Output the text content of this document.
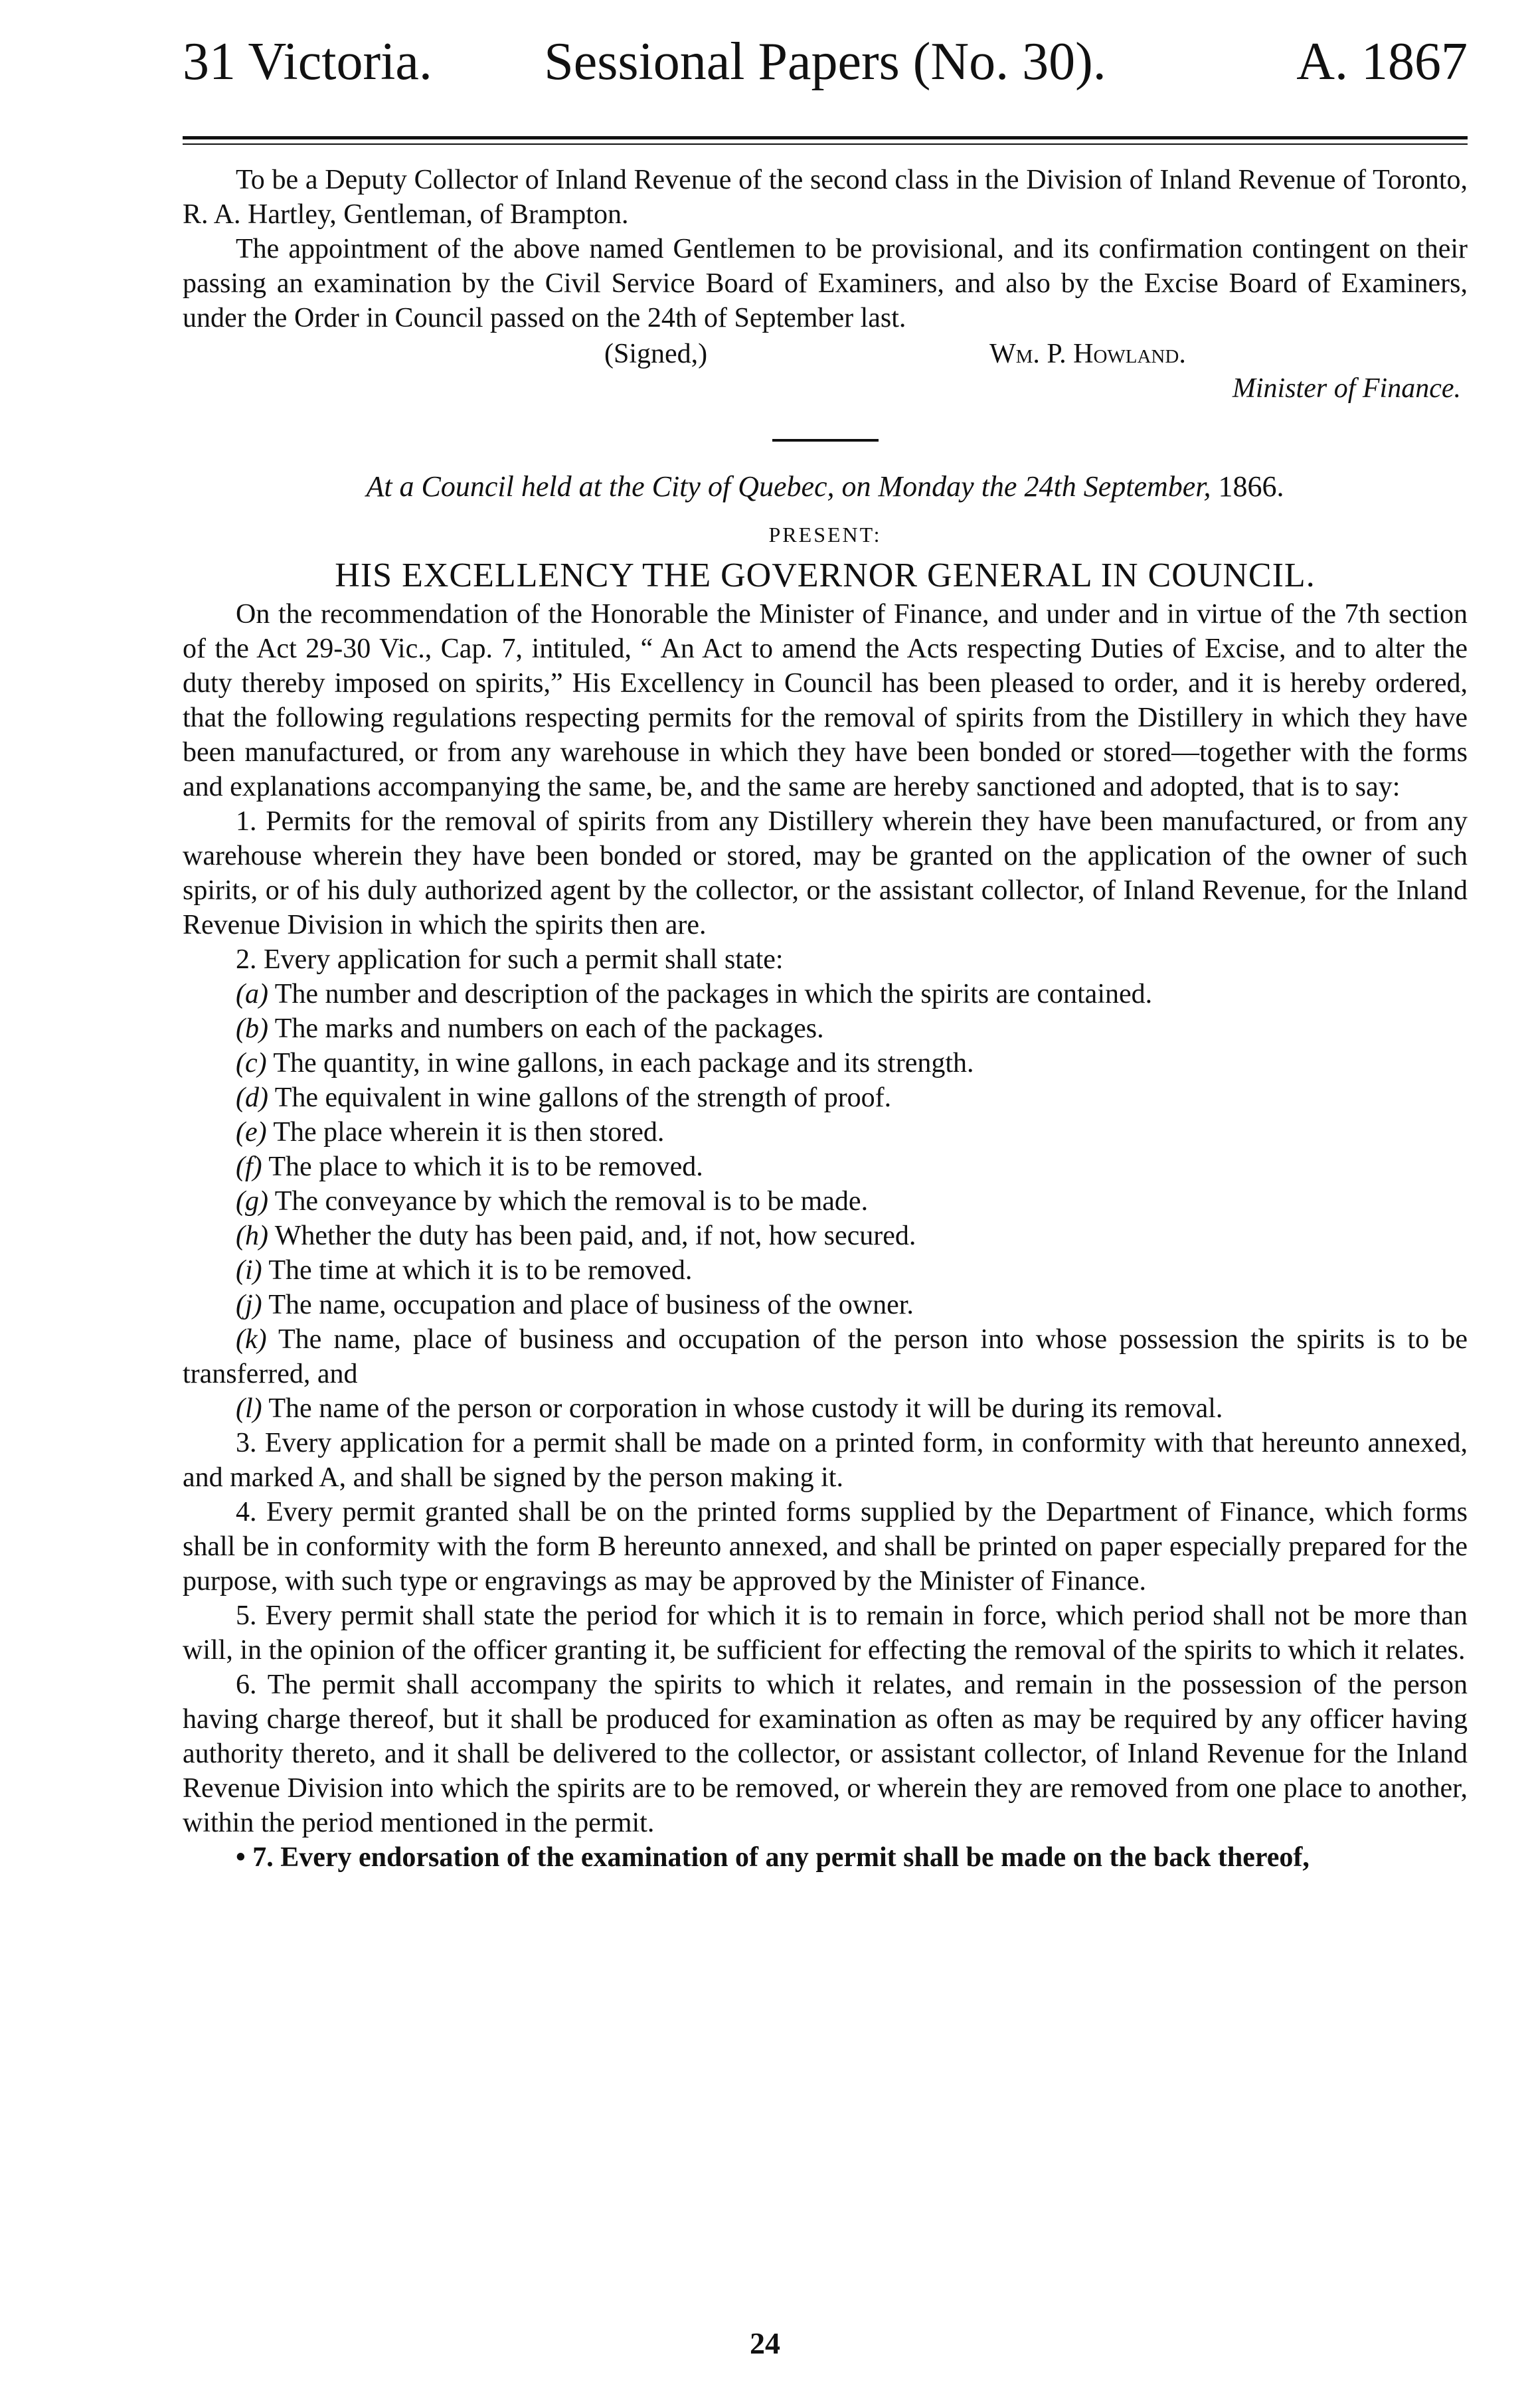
31 Victoria.	Sessional Papers (No. 30).	A. 1867

To be a Deputy Collector of Inland Revenue of the second class in the Division of Inland Revenue of Toronto, R. A. Hartley, Gentleman, of Brampton.

The appointment of the above named Gentlemen to be provisional, and its confirmation contingent on their passing an examination by the Civil Service Board of Examiners, and also by the Excise Board of Examiners, under the Order in Council passed on the 24th of September last.

(Signed,)	Wm. P. Howland.
Minister of Finance.
At a Council held at the City of Quebec, on Monday the 24th September, 1866.
PRESENT:
HIS EXCELLENCY THE GOVERNOR GENERAL IN COUNCIL.

On the recommendation of the Honorable the Minister of Finance, and under and in virtue of the 7th section of the Act 29-30 Vic., Cap. 7, intituled, “ An Act to amend the Acts respecting Duties of Excise, and to alter the duty thereby imposed on spirits,” His Excellency in Council has been pleased to order, and it is hereby ordered, that the following regulations respecting permits for the removal of spirits from the Distillery in which they have been manufactured, or from any warehouse in which they have been bonded or stored—together with the forms and explanations accompanying the same, be, and the same are hereby sanctioned and adopted, that is to say:

1. Permits for the removal of spirits from any Distillery wherein they have been manufactured, or from any warehouse wherein they have been bonded or stored, may be granted on the application of the owner of such spirits, or of his duly authorized agent by the collector, or the assistant collector, of Inland Revenue, for the Inland Revenue Division in which the spirits then are.

2. Every application for such a permit shall state:

(a) The number and description of the packages in which the spirits are contained.

(b) The marks and numbers on each of the packages.

(c) The quantity, in wine gallons, in each package and its strength.

(d) The equivalent in wine gallons of the strength of proof.

(e) The place wherein it is then stored.

(f) The place to which it is to be removed.

(g) The conveyance by which the removal is to be made.

(h) Whether the duty has been paid, and, if not, how secured.

(i) The time at which it is to be removed.

(j) The name, occupation and place of business of the owner.

(k) The name, place of business and occupation of the person into whose possession the spirits is to be transferred, and

(l) The name of the person or corporation in whose custody it will be during its removal.

3. Every application for a permit shall be made on a printed form, in conformity with that hereunto annexed, and marked A, and shall be signed by the person making it.

4. Every permit granted shall be on the printed forms supplied by the Department of Finance, which forms shall be in conformity with the form B hereunto annexed, and shall be printed on paper especially prepared for the purpose, with such type or engravings as may be approved by the Minister of Finance.

5. Every permit shall state the period for which it is to remain in force, which period shall not be more than will, in the opinion of the officer granting it, be sufficient for effecting the removal of the spirits to which it relates.

6. The permit shall accompany the spirits to which it relates, and remain in the possession of the person having charge thereof, but it shall be produced for examination as often as may be required by any officer having authority thereto, and it shall be delivered to the collector, or assistant collector, of Inland Revenue for the Inland Revenue Division into which the spirits are to be removed, or wherein they are removed from one place to another, within the period mentioned in the permit.

• 7. Every endorsation of the examination of any permit shall be made on the back thereof,

24
